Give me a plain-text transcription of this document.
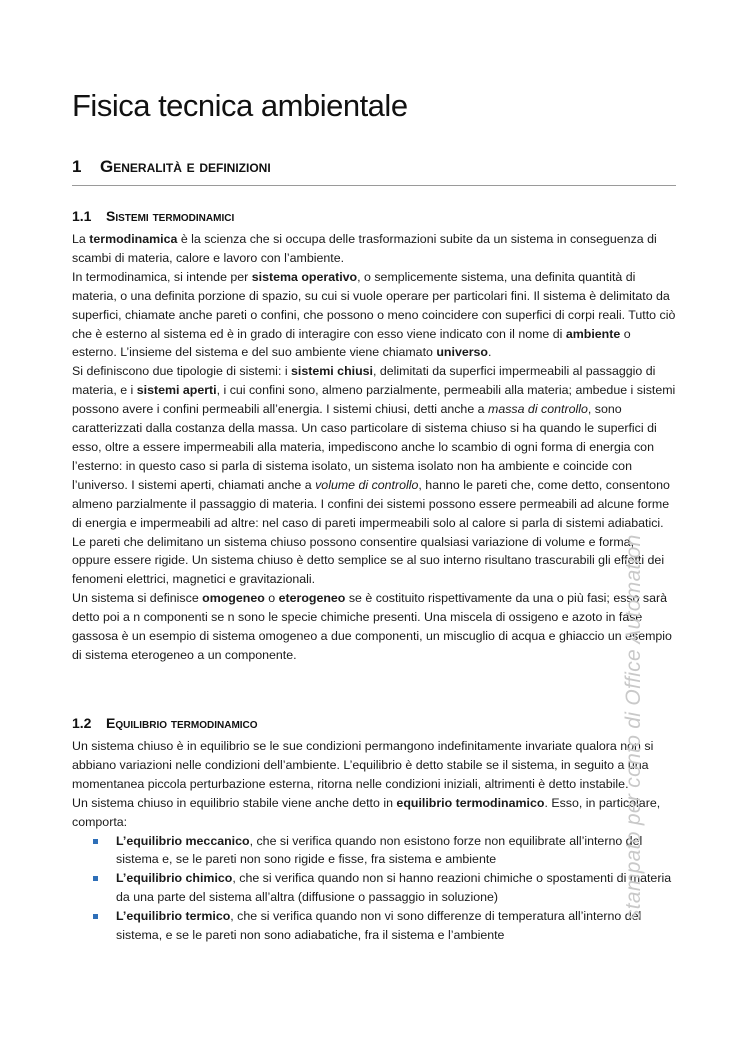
Fisica tecnica ambientale
1 Generalità e definizioni
1.1 Sistemi termodinamici

La termodinamica è la scienza che si occupa delle trasformazioni subite da un sistema in conseguenza di scambi di materia, calore e lavoro con l’ambiente.

In termodinamica, si intende per sistema operativo, o semplicemente sistema, una definita quantità di materia, o una definita porzione di spazio, su cui si vuole operare per particolari fini. Il sistema è delimitato da superfici, chiamate anche pareti o confini, che possono o meno coincidere con superfici di corpi reali. Tutto ciò che è esterno al sistema ed è in grado di interagire con esso viene indicato con il nome di ambiente o esterno. L’insieme del sistema e del suo ambiente viene chiamato universo.

Si definiscono due tipologie di sistemi: i sistemi chiusi, delimitati da superfici impermeabili al passaggio di materia, e i sistemi aperti, i cui confini sono, almeno parzialmente, permeabili alla materia; ambedue i sistemi possono avere i confini permeabili all’energia. I sistemi chiusi, detti anche a massa di controllo, sono caratterizzati dalla costanza della massa. Un caso particolare di sistema chiuso si ha quando le superfici di esso, oltre a essere impermeabili alla materia, impediscono anche lo scambio di ogni forma di energia con l’esterno: in questo caso si parla di sistema isolato, un sistema isolato non ha ambiente e coincide con l’universo. I sistemi aperti, chiamati anche a volume di controllo, hanno le pareti che, come detto, consentono almeno parzialmente il passaggio di materia. I confini dei sistemi possono essere permeabili ad alcune forme di energia e impermeabili ad altre: nel caso di pareti impermeabili solo al calore si parla di sistemi adiabatici. Le pareti che delimitano un sistema chiuso possono consentire qualsiasi variazione di volume e forma, oppure essere rigide. Un sistema chiuso è detto semplice se al suo interno risultano trascurabili gli effetti dei fenomeni elettrici, magnetici e gravitazionali.

Un sistema si definisce omogeneo o eterogeneo se è costituito rispettivamente da una o più fasi; esso sarà detto poi a n componenti se n sono le specie chimiche presenti. Una miscela di ossigeno e azoto in fase gassosa è un esempio di sistema omogeneo a due componenti, un miscuglio di acqua e ghiaccio un esempio di sistema eterogeneo a un componente.

1.2 Equilibrio termodinamico

Un sistema chiuso è in equilibrio se le sue condizioni permangono indefinitamente invariate qualora non si abbiano variazioni nelle condizioni dell’ambiente. L’equilibrio è detto stabile se il sistema, in seguito a una momentanea piccola perturbazione esterna, ritorna nelle condizioni iniziali, altrimenti è detto instabile.

Un sistema chiuso in equilibrio stabile viene anche detto in equilibrio termodinamico. Esso, in particolare, comporta:

L’equilibrio meccanico, che si verifica quando non esistono forze non equilibrate all’interno del sistema e, se le pareti non sono rigide e fisse, fra sistema e ambiente
L’equilibrio chimico, che si verifica quando non si hanno reazioni chimiche o spostamenti di materia da una parte del sistema all’altra (diffusione o passaggio in soluzione)
L’equilibrio termico, che si verifica quando non vi sono differenze di temperatura all’interno del sistema, e se le pareti non sono adiabatiche, fra il sistema e l’ambiente
stampato per conto di Office Automation
